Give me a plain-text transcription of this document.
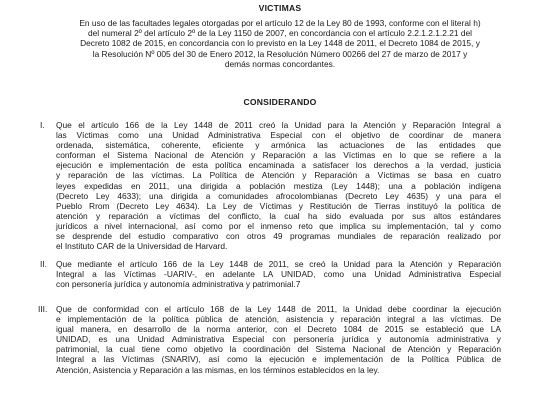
VICTIMAS
En uso de las facultades legales otorgadas por el artículo 12 de la Ley 80 de 1993, conforme con el literal h)
del numeral 2º del artículo 2º de la Ley 1150 de 2007, en concordancia con el artículo 2.2.1.2.1.2.21 del
Decreto 1082 de 2015, en concordancia con lo previsto en la Ley 1448 de 2011, el Decreto 1084 de 2015, y
la Resolución Nº 005 del 30 de Enero 2012, la Resolución Número 00266 del 27 de marzo de 2017 y
demás normas concordantes.
CONSIDERANDO
I. Que el artículo 166 de la Ley 1448 de 2011 creó la Unidad para la Atención y Reparación Integral a
las Víctimas como una Unidad Administrativa Especial con el objetivo de coordinar de manera
ordenada, sistemática, coherente, eficiente y armónica las actuaciones de las entidades que
conforman el Sistema Nacional de Atención y Reparación a las Víctimas en lo que se refiere a la
ejecución e implementación de esta política encaminada a satisfacer los derechos a la verdad, justicia
y reparación de las víctimas. La Política de Atención y Reparación a Víctimas se basa en cuatro
leyes expedidas en 2011, una dirigida a población mestiza (Ley 1448); una a población indígena
(Decreto Ley 4633); una dirigida a comunidades afrocolombianas (Decreto Ley 4635) y una para el
Pueblo Rrom (Decreto Ley 4634). La Ley de Víctimas y Restitución de Tierras instituyó la política de
atención y reparación a víctimas del conflicto, la cual ha sido evaluada por sus altos estándares
jurídicos a nivel internacional, así como por el inmenso reto que implica su implementación, tal y como
se desprende del estudio comparativo con otros 49 programas mundiales de reparación realizado por
el Instituto CAR de la Universidad de Harvard.
II. Que mediante el artículo 166 de la Ley 1448 de 2011, se creó la Unidad para la Atención y Reparación
Integral a las Víctimas -UARIV-, en adelante LA UNIDAD, como una Unidad Administrativa Especial
con personería jurídica y autonomía administrativa y patrimonial.7
III. Que de conformidad con el artículo 168 de la Ley 1448 de 2011, la Unidad debe coordinar la ejecución
e implementación de la política pública de atención, asistencia y reparación integral a las víctimas. De
igual manera, en desarrollo de la norma anterior, con el Decreto 1084 de 2015 se estableció que LA
UNIDAD, es una Unidad Administrativa Especial con personería jurídica y autonomía administrativa y
patrimonial, la cual tiene como objetivo la coordinación del Sistema Nacional de Atención y Reparación
Integral a las Víctimas (SNARIV), así como la ejecución e implementación de la Política Pública de
Atención, Asistencia y Reparación a las mismas, en los términos establecidos en la ley.
